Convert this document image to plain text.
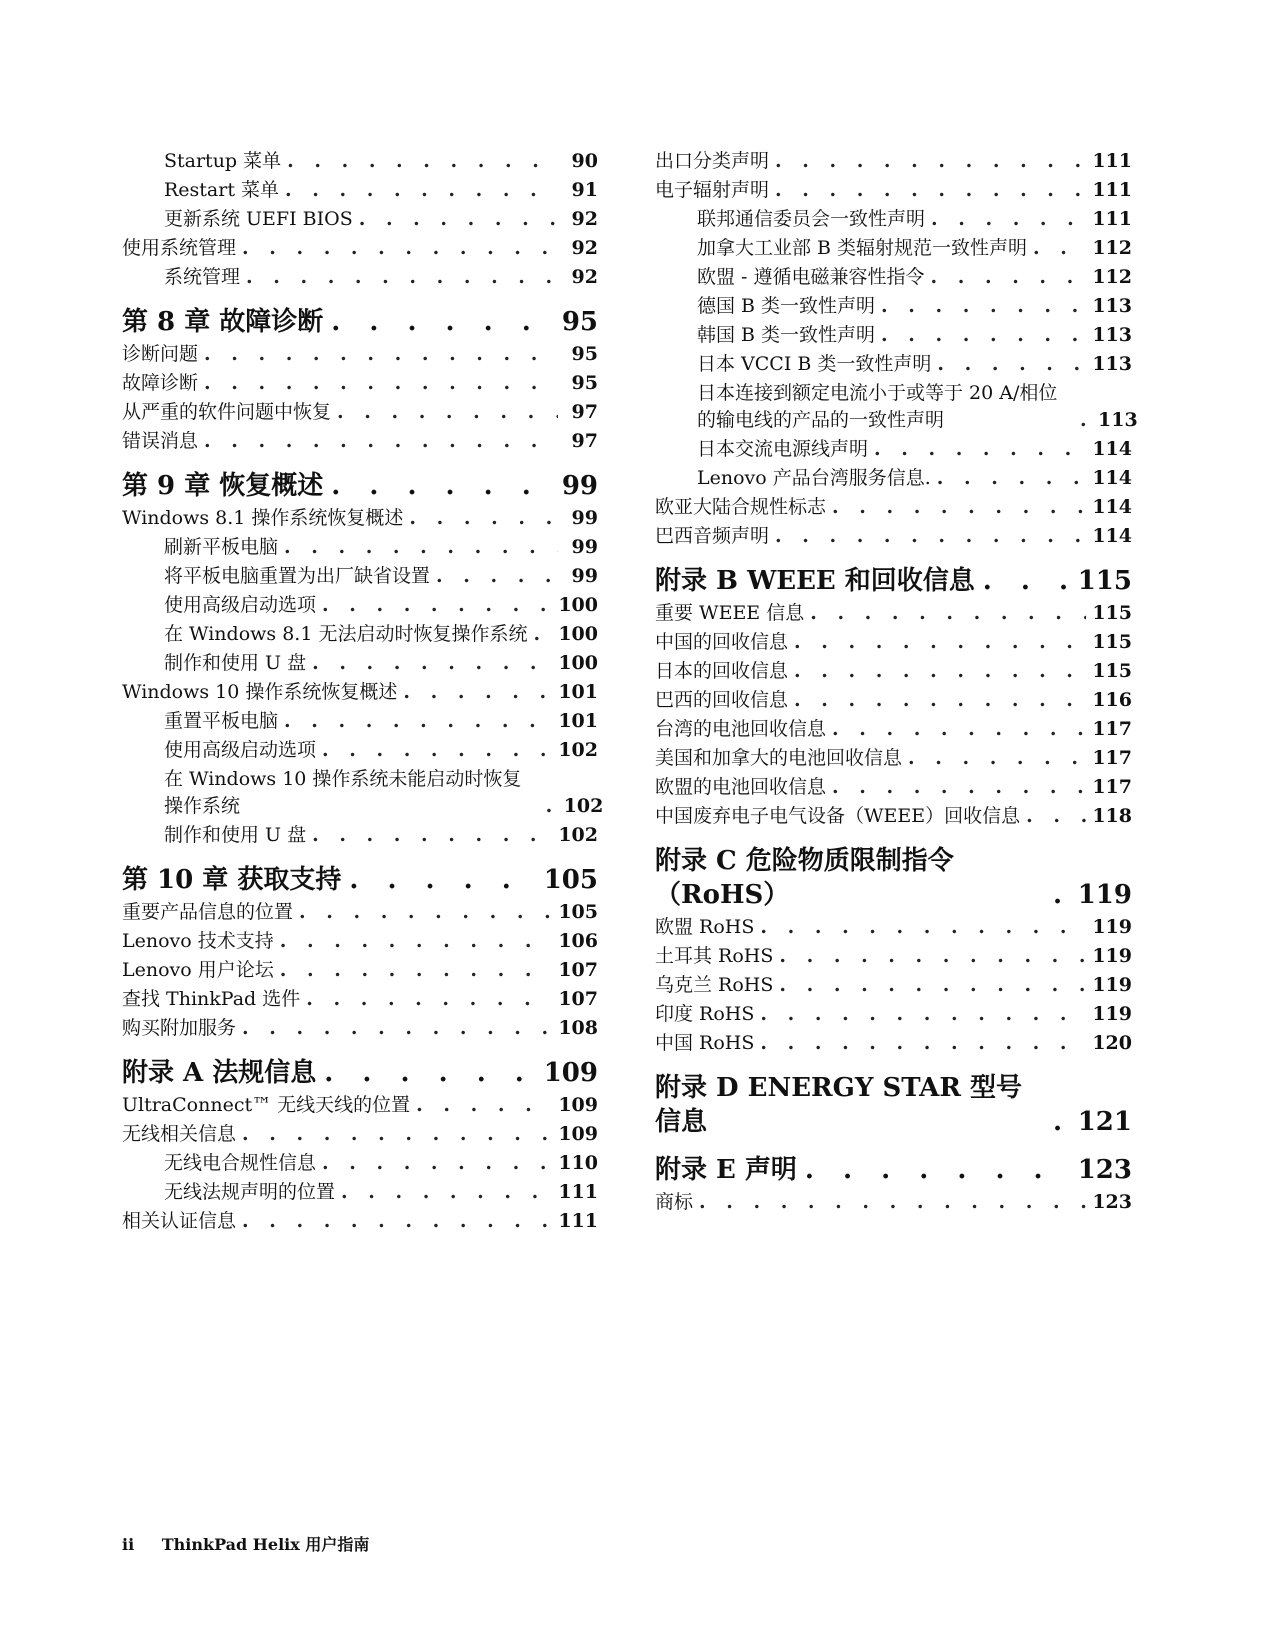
Startup 菜单 . . .	90
Restart 菜单 . . .	91
更新系统 UEFI BIOS . . .	92
使用系统管理 . . .	92
系统管理 . . .	92
第 8 章 故障诊断 . . .	95
诊断问题 . . .	95
故障诊断 . . .	95
从严重的软件问题中恢复 . . .	97
错误消息 . . .	97
第 9 章 恢复概述 . . .	99
Windows 8.1 操作系统恢复概述 . . .	99
刷新平板电脑 . . .	99
将平板电脑重置为出厂缺省设置 . . .	99
使用高级启动选项 . . .	100
在 Windows 8.1 无法启动时恢复操作系统 . . .	100
制作和使用 U 盘 . . .	100
Windows 10 操作系统恢复概述 . . .	101
重置平板电脑 . . .	101
使用高级启动选项 . . .	102
在 Windows 10 操作系统未能启动时恢复操作系统 . . .	102
制作和使用 U 盘 . . .	102
第 10 章 获取支持 . . .	105
重要产品信息的位置 . . .	105
Lenovo 技术支持 . . .	106
Lenovo 用户论坛 . . .	107
查找 ThinkPad 选件 . . .	107
购买附加服务 . . .	108
附录 A 法规信息 . . .	109
UltraConnect™ 无线天线的位置 . . .	109
无线相关信息 . . .	109
无线电合规性信息 . . .	110
无线法规声明的位置 . . .	111
相关认证信息 . . .	111
出口分类声明 . . .	111
电子辐射声明 . . .	111
联邦通信委员会一致性声明 . . .	111
加拿大工业部 B 类辐射规范一致性声明 . . .	112
欧盟 - 遵循电磁兼容性指令 . . .	112
德国 B 类一致性声明 . . .	113
韩国 B 类一致性声明 . . .	113
日本 VCCI B 类一致性声明 . . .	113
日本连接到额定电流小于或等于 20 A/相位的输电线的产品的一致性声明 . . .	113
日本交流电源线声明 . . .	114
Lenovo 产品台湾服务信息. . . .	114
欧亚大陆合规性标志 . . .	114
巴西音频声明 . . .	114
附录 B WEEE 和回收信息 . . .	115
重要 WEEE 信息 . . .	115
中国的回收信息 . . .	115
日本的回收信息 . . .	115
巴西的回收信息 . . .	116
台湾的电池回收信息 . . .	117
美国和加拿大的电池回收信息 . . .	117
欧盟的电池回收信息 . . .	117
中国废弃电子电气设备（WEEE）回收信息 . . .	118
附录 C 危险物质限制指令（RoHS） . . .	119
欧盟 RoHS . . .	119
土耳其 RoHS . . .	119
乌克兰 RoHS . . .	119
印度 RoHS . . .	119
中国 RoHS . . .	120
附录 D ENERGY STAR 型号信息 . . .	121
附录 E 声明 . . .	123
商标 . . .	123
ii ThinkPad Helix 用户指南
